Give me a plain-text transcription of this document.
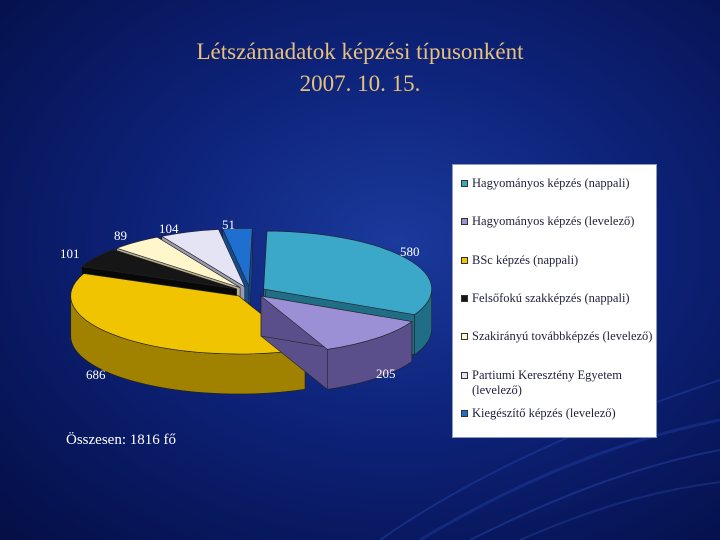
Létszámadatok képzési típusonként
2007. 10. 15.
580
205
686
101
89 104	51
Hagyományos képzés (nappali)
Hagyományos képzés (levelező)
BSc képzés (nappali)
Felsőfokú szakképzés (nappali)
Szakirányú továbbképzés (levelező)
Partiumi Keresztény Egyetem (levelező)
Kiegészítő képzés (levelező)
Összesen: 1816 fő
